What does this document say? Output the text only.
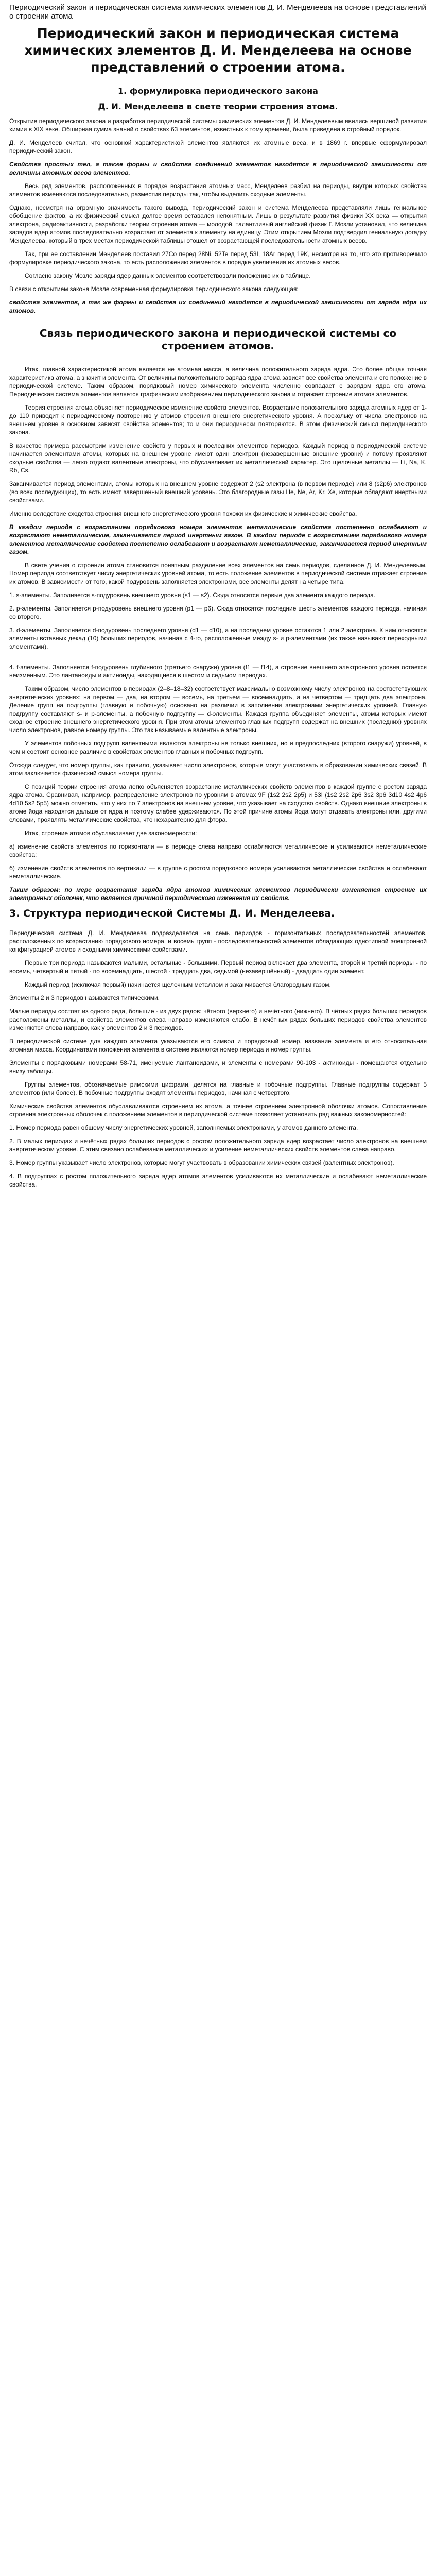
Периодический закон и периодическая система химических элементов Д. И. Менделеева на основе представлений о строении атома
Периодический закон и периодическая система химических элементов Д. И. Менделеева на основе представлений о строении атома.
1. формулировка периодического закона
Д. И. Менделеева в свете теории строения атома.

Открытие периодического закона и разработка периодической системы химических элементов Д. И. Менделеевым явились вершиной развития химии в XIX веке. Обширная сумма знаний о свойствах 63 элементов, известных к тому времени, была приведена в стройный порядок.

Д. И. Менделеев считал, что основной характеристикой элементов являются их атомные веса, и в 1869 г. впервые сформулировал периодический закон.

Свойства простых тел, а также формы и свойства соединений элементов находятся в периодической зависимости от величины атомных весов элементов.

Весь ряд элементов, расположенных в порядке возрастания атомных масс, Менделеев разбил на периоды, внутри которых свойства элементов изменяются последовательно, разместив периоды так, чтобы выделить сходные элементы.

Однако, несмотря на огромную значимость такого вывода, периодический закон и система Менделеева представляли лишь гениальное обобщение фактов, а их физический смысл долгое время оставался непонятным. Лишь в результате развития физики XX века — открытия электрона, радиоактивности, разработки теории строения атома — молодой, талантливый английский физик Г. Мозли установил, что величина зарядов ядер атомов последовательно возрастает от элемента к элементу на единицу. Этим открытием Мозли подтвердил гениальную догадку Менделеева, который в трех местах периодической таблицы отошел от возрастающей последовательности атомных весов.

Так, при ее составлении Менделеев поставил 27Co перед 28Ni, 52Te перед 53I, 18Ar перед 19K, несмотря на то, что это противоречило формулировке периодического закона, то есть расположению элементов в порядке увеличения их атомных весов.

Согласно закону Мозле заряды ядер данных элементов соответствовали положению их в таблице.

В связи с открытием закона Мозле современная формулировка периодического закона следующая:

свойства элементов, а так же формы и свойства их соединений находятся в периодической зависимости от заряда ядра их атомов.

Связь периодического закона и периодической системы со строением атомов.

Итак, главной характеристикой атома является не атомная масса, а величина положительного заряда ядра. Это более общая точная характеристика атома, а значит и элемента. От величины положительного заряда ядра атома зависят все свойства элемента и его положение в периодической системе. Таким образом, порядковый номер химического элемента численно совпадает с зарядом ядра его атома. Периодическая система элементов является графическим изображением периодического закона и отражает строение атомов элементов.

Теория строения атома объясняет периодическое изменение свойств элементов. Возрастание положительного заряда атомных ядер от 1-до 110 приводит к периодическому повторению у атомов строения внешнего энергетического уровня. А поскольку от числа электронов на внешнем уровне в основном зависят свойства элементов; то и они периодически повторяются. В этом физический смысл периодического закона.

В качестве примера рассмотрим изменение свойств у первых и последних элементов периодов. Каждый период в периодической системе начинается элементами атомы, которых на внешнем уровне имеют один электрон (незавершенные внешние уровни) и потому проявляют сходные свойства — легко отдают валентные электроны, что обуславливает их металлический характер. Это щелочные металлы — Li, Na, K, Rb, Cs.

Заканчивается период элементами, атомы которых на внешнем уровне содержат 2 (s2 электрона (в первом периоде) или 8 (s2p6) электронов (во всех последующих), то есть имеют завершенный внешний уровень. Это благородные газы He, Ne, Ar, Kr, Xe, которые обладают инертными свойствами.

Именно вследствие сходства строения внешнего энергетического уровня похожи их физические и химические свойства.

В каждом периоде с возрастанием порядкового номера элементов металлические свойства постепенно ослабевают и возрастают неметаллические, заканчивается период инертным газом. В каждом периоде с возрастанием порядкового номера элементов металлические свойства постепенно ослабевают и возрастают неметаллические, заканчивается период инертным газом.

В свете учения о строении атома становится понятным разделение всех элементов на семь периодов, сделанное Д. И. Менделеевым. Номер периода соответствует числу энергетических уровней атома, то есть положение элементов в периодической системе отражает строение их атомов. В зависимости от того, какой подуровень заполняется электронами, все элементы делят на четыре типа.

1. s-элементы. Заполняется s-подуровень внешнего уровня (s1 — s2). Сюда относятся первые два элемента каждого периода.

2. р-элементы. Заполняется р-подуровень внешнего уровня (p1 — p6). Сюда относятся последние шесть элементов каждого периода, начиная со второго.

3. d-элементы. Заполняется d-подуровень последнего уровня (d1 — d10), а на последнем уровне остаются 1 или 2 электрона. К ним относятся элементы вставных декад (10) больших периодов, начиная с 4-го, расположенные между s- и р-элементами (их также называют переходными элементами).

4. f-элементы. Заполняется f-подуровень глубинного (третьего снаружи) уровня (f1 — f14), а строение внешнего электронного уровня остается неизменным. Это лантаноиды и актиноиды, находящиеся в шестом и седьмом периодах.

Таким образом, число элементов в периодах (2–8–18–32) соответствует максимально возможному числу электронов на соответствующих энергетических уровнях: на первом — два, на втором — восемь, на третьем — восемнадцать, а на четвертом — тридцать два электрона. Деление групп на подгруппы (главную и побочную) основано на различии в заполнении электронами энергетических уровней. Главную подгруппу составляют s- и p-элементы, а побочную подгруппу — d-элементы. Каждая группа объединяет элементы, атомы которых имеют сходное строение внешнего энергетического уровня. При этом атомы элементов главных подгрупп содержат на внешних (последних) уровнях число электронов, равное номеру группы. Это так называемые валентные электроны.

У элементов побочных подгрупп валентными являются электроны не только внешних, но и предпоследних (второго снаружи) уровней, в чем и состоит основное различие в свойствах элементов главных и побочных подгрупп.

Отсюда следует, что номер группы, как правило, указывает число электронов, которые могут участвовать в образовании химических связей. В этом заключается физический смысл номера группы.

С позиций теории строения атома легко объясняется возрастание металлических свойств элементов в каждой группе с ростом заряда ядра атома. Сравнивая, например, распределение электронов по уровням в атомах 9F (1s2 2s2 2p5) и 53I (1s2 2s2 2p6 3s2 3p6 3d10 4s2 4p6 4d10 5s2 5p5) можно отметить, что у них по 7 электронов на внешнем уровне, что указывает на сходство свойств. Однако внешние электроны в атоме йода находятся дальше от ядра и поэтому слабее удерживаются. По этой причине атомы йода могут отдавать электроны или, другими словами, проявлять металлические свойства, что нехарактерно для фтора.

Итак, строение атомов обуславливает две закономерности:

а) изменение свойств элементов по горизонтали — в периоде слева направо ослабляются металлические и усиливаются неметаллические свойства;

б) изменение свойств элементов по вертикали — в группе с ростом порядкового номера усиливаются металлические свойства и ослабевают неметаллические.

Таким образом: по мере возрастания заряда ядра атомов химических элементов периодически изменяется строение их электронных оболочек, что является причиной периодического изменения их свойств.

3. Структура периодической Системы Д. И. Менделеева.

Периодическая система Д. И. Менделеева подразделяется на семь периодов - горизонтальных последовательностей элементов, расположенных по возрастанию порядкового номера, и восемь групп - последовательностей элементов обладающих однотипной электронной конфигурацией атомов и сходными химическими свойствами.

Первые три периода называются малыми, остальные - большими. Первый период включает два элемента, второй и третий периоды - по восемь, четвертый и пятый - по восемнадцать, шестой - тридцать два, седьмой (незавершённый) - двадцать один элемент.

Каждый период (исключая первый) начинается щелочным металлом и заканчивается благородным газом.

Элементы 2 и 3 периодов называются типическими.

Малые периоды состоят из одного ряда, большие - из двух рядов: чётного (верхнего) и нечётного (нижнего). В чётных рядах больших периодов расположены металлы, и свойства элементов слева направо изменяются слабо. В нечётных рядах больших периодов свойства элементов изменяются слева направо, как у элементов 2 и 3 периодов.

В периодической системе для каждого элемента указываются его символ и порядковый номер, название элемента и его относительная атомная масса. Координатами положения элемента в системе являются номер периода и номер группы.

Элементы с порядковыми номерами 58-71, именуемые лантаноидами, и элементы с номерами 90-103 - актиноиды - помещаются отдельно внизу таблицы.

Группы элементов, обозначаемые римскими цифрами, делятся на главные и побочные подгруппы. Главные подгруппы содержат 5 элементов (или более). В побочные подгруппы входят элементы периодов, начиная с четвертого.

Химические свойства элементов обуславливаются строением их атома, а точнее строением электронной оболочки атомов. Сопоставление строения электронных оболочек с положением элементов в периодической системе позволяет установить ряд важных закономерностей:

1. Номер периода равен общему числу энергетических уровней, заполняемых электронами, у атомов данного элемента.

2. В малых периодах и нечётных рядах больших периодов с ростом положительного заряда ядер возрастает число электронов на внешнем энергетическом уровне. С этим связано ослабевание металлических и усиление неметаллических свойств элементов слева направо.

3. Номер группы указывает число электронов, которые могут участвовать в образовании химических связей (валентных электронов).

4. В подгруппах с ростом положительного заряда ядер атомов элементов усиливаются их металлические и ослабевают неметаллические свойства.
